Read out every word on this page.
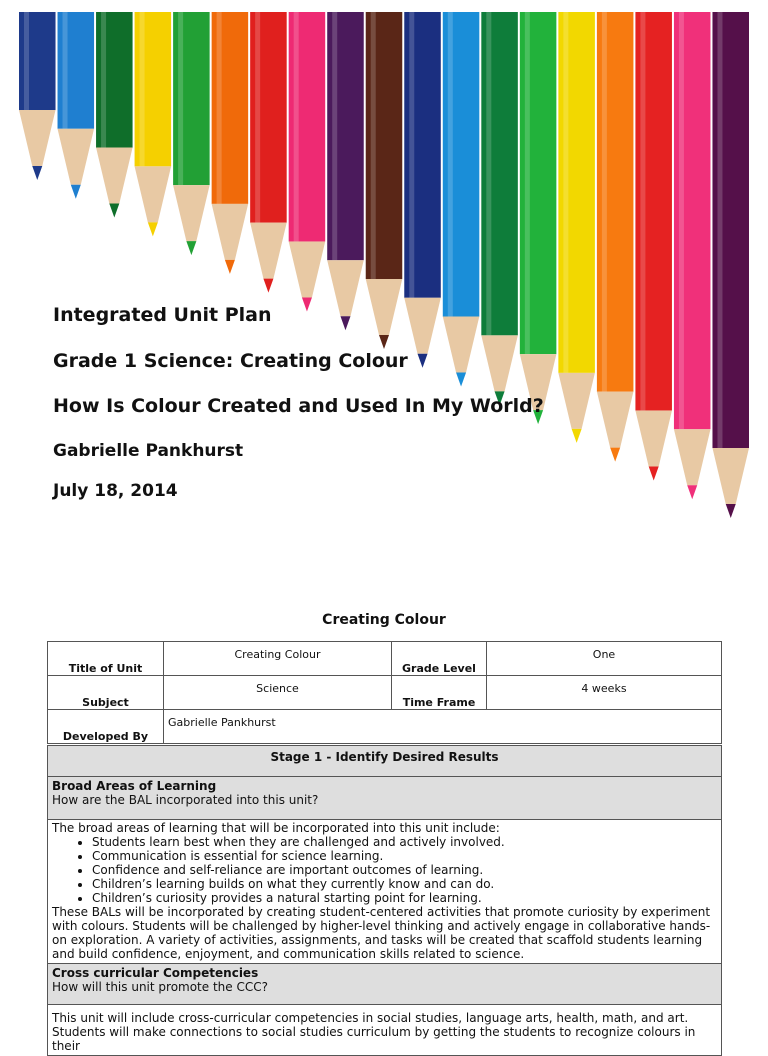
Integrated Unit Plan
Grade 1 Science: Creating Colour
How Is Colour Created and Used In My World?
Gabrielle Pankhurst
July 18, 2014

Creating Colour

Title of Unit	Creating Colour	Grade Level	One
Subject	Science	Time Frame	4 weeks
Developed By	Gabrielle Pankhurst		
Stage 1 - Identify Desired Results

Broad Areas of Learning
How are the BAL incorporated into this unit?

The broad areas of learning that will be incorporated into this unit include:
• Students learn best when they are challenged and actively involved.
• Communication is essential for science learning.
• Confidence and self-reliance are important outcomes of learning.
• Children’s learning builds on what they currently know and can do.
• Children’s curiosity provides a natural starting point for learning.
These BALs will be incorporated by creating student-centered activities that promote curiosity by experiment with colours. Students will be challenged by higher-level thinking and actively engage in collaborative hands-on exploration. A variety of activities, assignments, and tasks will be created that scaffold students learning and build confidence, enjoyment, and communication skills related to science.

Cross curricular Competencies
How will this unit promote the CCC?

This unit will include cross-curricular competencies in social studies, language arts, health, math, and art. Students will make connections to social studies curriculum by getting the students to recognize colours in their
